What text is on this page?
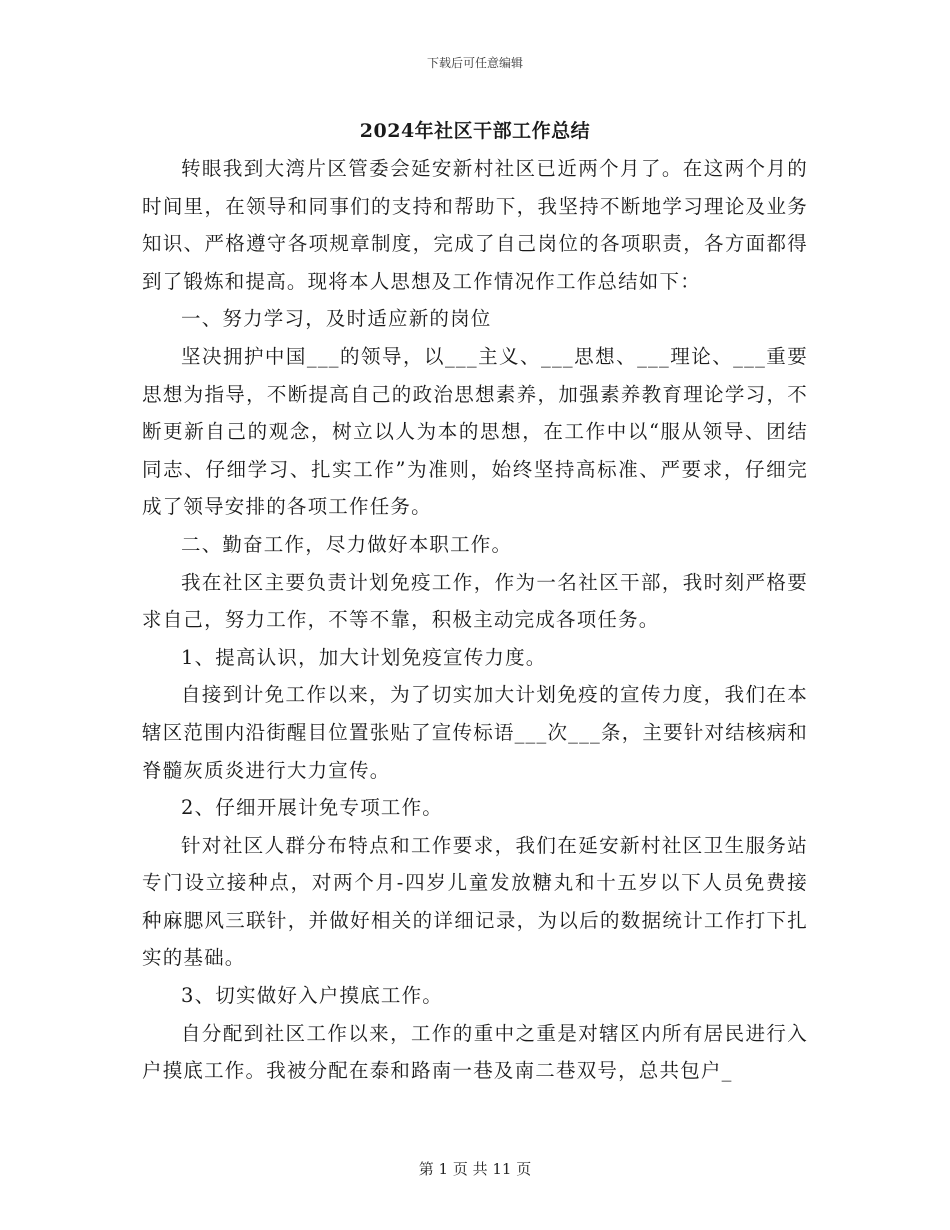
下载后可任意编辑
2024年社区干部工作总结

转眼我到大湾片区管委会延安新村社区已近两个月了。在这两个月的时间里，在领导和同事们的支持和帮助下，我坚持不断地学习理论及业务知识、严格遵守各项规章制度，完成了自己岗位的各项职责，各方面都得到了锻炼和提高。现将本人思想及工作情况作工作总结如下：

一、努力学习，及时适应新的岗位

坚决拥护中国___的领导，以___主义、___思想、___理论、___重要思想为指导，不断提高自己的政治思想素养，加强素养教育理论学习，不断更新自己的观念，树立以人为本的思想，在工作中以“服从领导、团结同志、仔细学习、扎实工作”为准则，始终坚持高标准、严要求，仔细完成了领导安排的各项工作任务。

二、勤奋工作，尽力做好本职工作。

我在社区主要负责计划免疫工作，作为一名社区干部，我时刻严格要求自己，努力工作，不等不靠，积极主动完成各项任务。

1、提高认识，加大计划免疫宣传力度。

自接到计免工作以来，为了切实加大计划免疫的宣传力度，我们在本辖区范围内沿街醒目位置张贴了宣传标语___次___条，主要针对结核病和脊髓灰质炎进行大力宣传。

2、仔细开展计免专项工作。

针对社区人群分布特点和工作要求，我们在延安新村社区卫生服务站专门设立接种点，对两个月-四岁儿童发放糖丸和十五岁以下人员免费接种麻腮风三联针，并做好相关的详细记录，为以后的数据统计工作打下扎实的基础。

3、切实做好入户摸底工作。

自分配到社区工作以来，工作的重中之重是对辖区内所有居民进行入户摸底工作。我被分配在泰和路南一巷及南二巷双号，总共包户_

第 1 页 共 11 页
